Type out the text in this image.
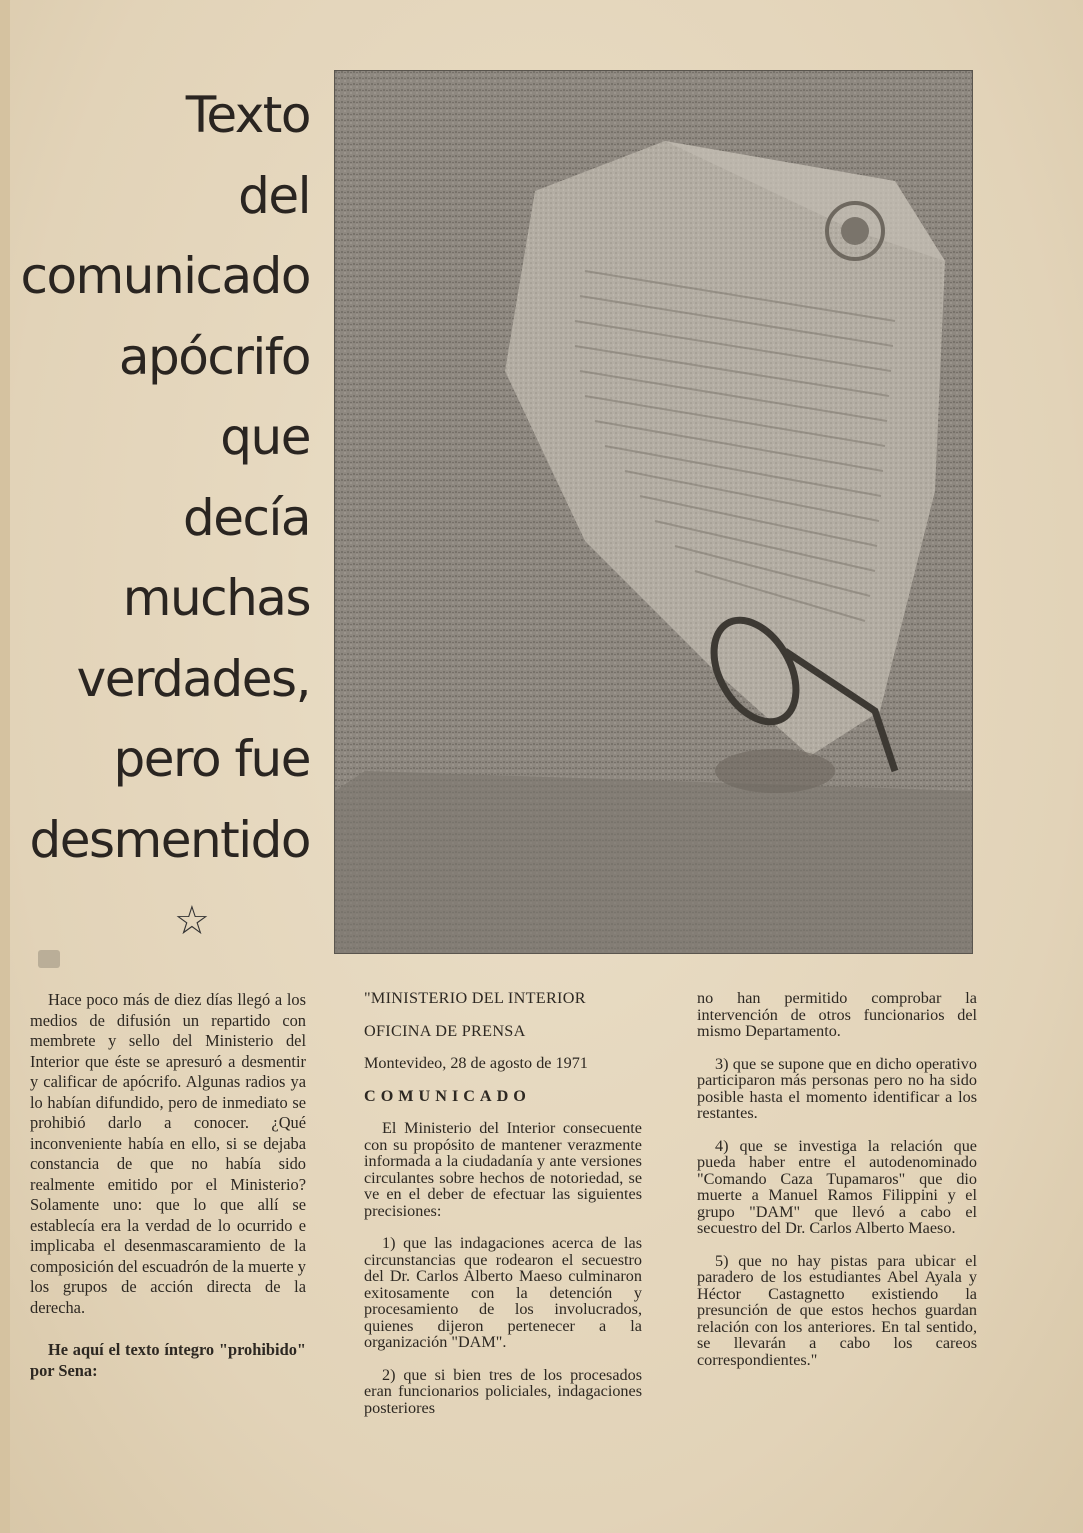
Texto
del
comunicado
apócrifo
que
decía
muchas
verdades,
pero fue
desmentido
☆

Hace poco más de diez días llegó a los medios de difusión un repartido con membrete y sello del Ministerio del Interior que éste se apresuró a desmentir y calificar de apócrifo. Algunas radios ya lo habían difundido, pero de inmediato se prohibió darlo a conocer. ¿Qué inconveniente había en ello, si se dejaba constancia de que no había sido realmente emitido por el Ministerio? Solamente uno: que lo que allí se establecía era la verdad de lo ocurrido e implicaba el desenmascaramiento de la composición del escuadrón de la muerte y los grupos de acción directa de la derecha.

He aquí el texto íntegro "prohibido" por Sena:

"MINISTERIO DEL INTERIOR

OFICINA DE PRENSA

Montevideo, 28 de agosto de 1971

COMUNICADO

El Ministerio del Interior consecuente con su propósito de mantener verazmente informada a la ciudadanía y ante versiones circulantes sobre hechos de notoriedad, se ve en el deber de efectuar las siguientes precisiones:

1) que las indagaciones acerca de las circunstancias que rodearon el secuestro del Dr. Carlos Alberto Maeso culminaron exitosamente con la detención y procesamiento de los involucrados, quienes dijeron pertenecer a la organización "DAM".

2) que si bien tres de los procesados eran funcionarios policiales, indagaciones posteriores

no han permitido comprobar la intervención de otros funcionarios del mismo Departamento.

3) que se supone que en dicho operativo participaron más personas pero no ha sido posible hasta el momento identificar a los restantes.

4) que se investiga la relación que pueda haber entre el autodenominado "Comando Caza Tupamaros" que dio muerte a Manuel Ramos Filippini y el grupo "DAM" que llevó a cabo el secuestro del Dr. Carlos Alberto Maeso.

5) que no hay pistas para ubicar el paradero de los estudiantes Abel Ayala y Héctor Castagnetto existiendo la presunción de que estos hechos guardan relación con los anteriores. En tal sentido, se llevarán a cabo los careos correspondientes."
